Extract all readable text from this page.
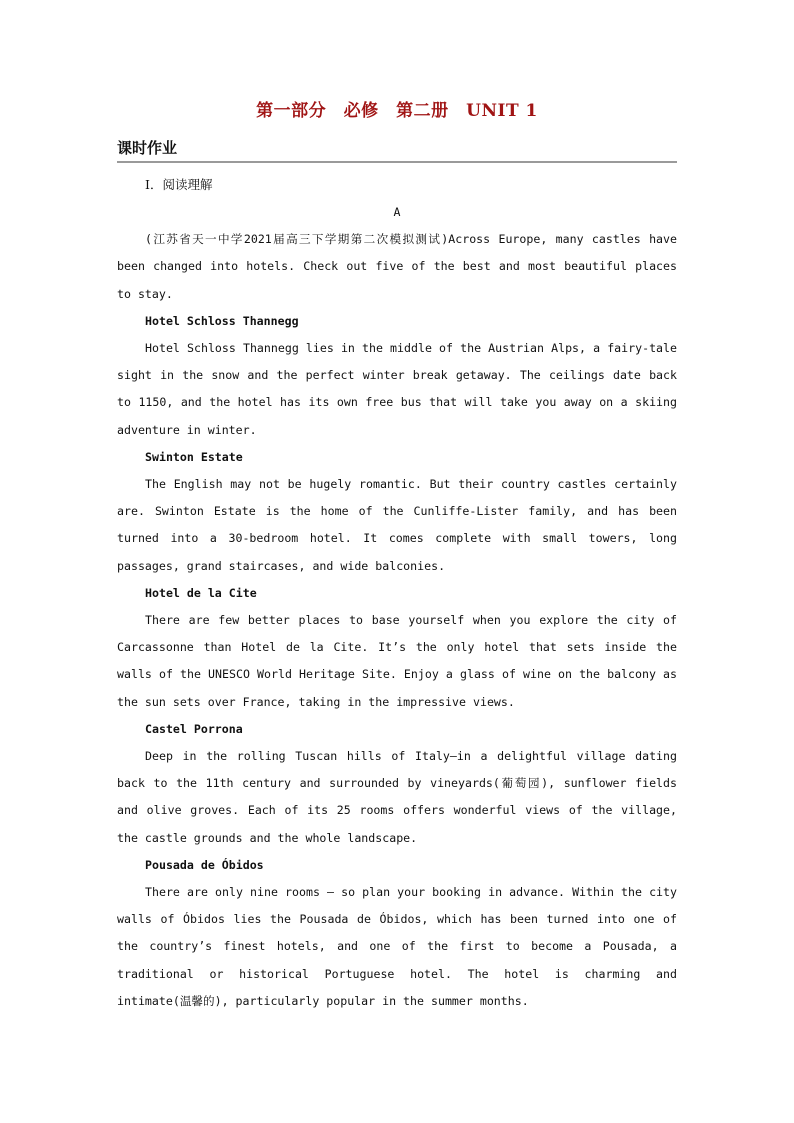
第一部分　必修　第二册　UNIT 1
课时作业
Ⅰ．阅读理解

A

(江苏省天一中学2021届高三下学期第二次模拟测试)Across Europe, many castles have been changed into hotels. Check out five of the best and most beautiful places to stay.

Hotel Schloss Thannegg

Hotel Schloss Thannegg lies in the middle of the Austrian Alps, a fairy-tale sight in the snow and the perfect winter break getaway. The ceilings date back to 1150, and the hotel has its own free bus that will take you away on a skiing adventure in winter.

Swinton Estate

The English may not be hugely romantic. But their country castles certainly are. Swinton Estate is the home of the Cunliffe-Lister family, and has been turned into a 30-bedroom hotel. It comes complete with small towers, long passages, grand staircases, and wide balconies.

Hotel de la Cite

There are few better places to base yourself when you explore the city of Carcassonne than Hotel de la Cite. It’s the only hotel that sets inside the walls of the UNESCO World Heritage Site. Enjoy a glass of wine on the balcony as the sun sets over France, taking in the impressive views.

Castel Porrona

Deep in the rolling Tuscan hills of Italy—in a delightful village dating back to the 11th century and surrounded by vineyards(葡萄园), sunflower fields and olive groves. Each of its 25 rooms offers wonderful views of the village, the castle grounds and the whole landscape.

Pousada de Óbidos

There are only nine rooms — so plan your booking in advance. Within the city walls of Óbidos lies the Pousada de Óbidos, which has been turned into one of the country’s finest hotels, and one of the first to become a Pousada, a traditional or historical Portuguese hotel. The hotel is charming and intimate(温馨的), particularly popular in the summer months.
